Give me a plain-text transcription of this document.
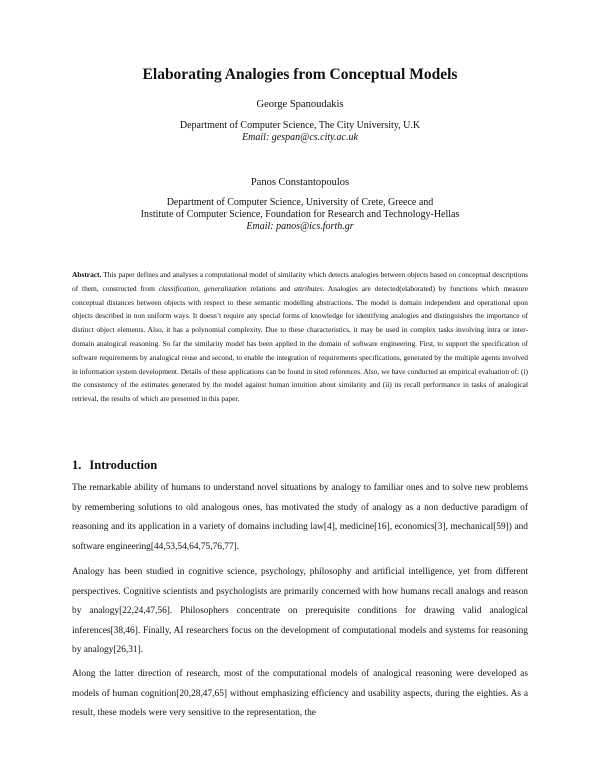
Elaborating Analogies from Conceptual Models
George Spanoudakis
Department of Computer Science, The City University, U.K
Email: gespan@cs.city.ac.uk
Panos Constantopoulos
Department of Computer Science, University of Crete, Greece and
Institute of Computer Science, Foundation for Research and Technology-Hellas
Email: panos@ics.forth.gr

Abstract. This paper defines and analyses a computational model of similarity which detects analogies between objects based on conceptual descriptions of them, constructed from classification, generalization relations and attributes. Analogies are detected(elaborated) by functions which measure conceptual distances between objects with respect to these semantic modelling abstractions. The model is domain independent and operational upon objects described in non uniform ways. It doesn’t require any special forms of knowledge for identifying analogies and distinguishes the importance of distinct object elements. Also, it has a polynomial complexity. Due to these characteristics, it may be used in complex tasks involving intra or inter-domain analogical reasoning. So far the similarity model has been applied in the domain of software engineering. First, to support the specification of software requirements by analogical reuse and second, to enable the integration of requirements specifications, generated by the multiple agents involved in information system development. Details of these applications can be found in sited references. Also, we have conducted an empirical evaluation of: (i) the consistency of the estimates generated by the model against human intuition about similarity and (ii) its recall performance in tasks of analogical retrieval, the results of which are presented in this paper.

1. Introduction

The remarkable ability of humans to understand novel situations by analogy to familiar ones and to solve new problems by remembering solutions to old analogous ones, has motivated the study of analogy as a non deductive paradigm of reasoning and its application in a variety of domains including law[4], medicine[16], economics[3], mechanical[59]) and software engineering[44,53,54,64,75,76,77].

Analogy has been studied in cognitive science, psychology, philosophy and artificial intelligence, yet from different perspectives. Cognitive scientists and psychologists are primarily concerned with how humans recall analogs and reason by analogy[22,24,47,56]. Philosophers concentrate on prerequisite conditions for drawing valid analogical inferences[38,46]. Finally, AI researchers focus on the development of computational models and systems for reasoning by analogy[26,31].

Along the latter direction of research, most of the computational models of analogical reasoning were developed as models of human cognition[20,28,47,65] without emphasizing efficiency and usability aspects, during the eighties. As a result, these models were very sensitive to the representation, the
